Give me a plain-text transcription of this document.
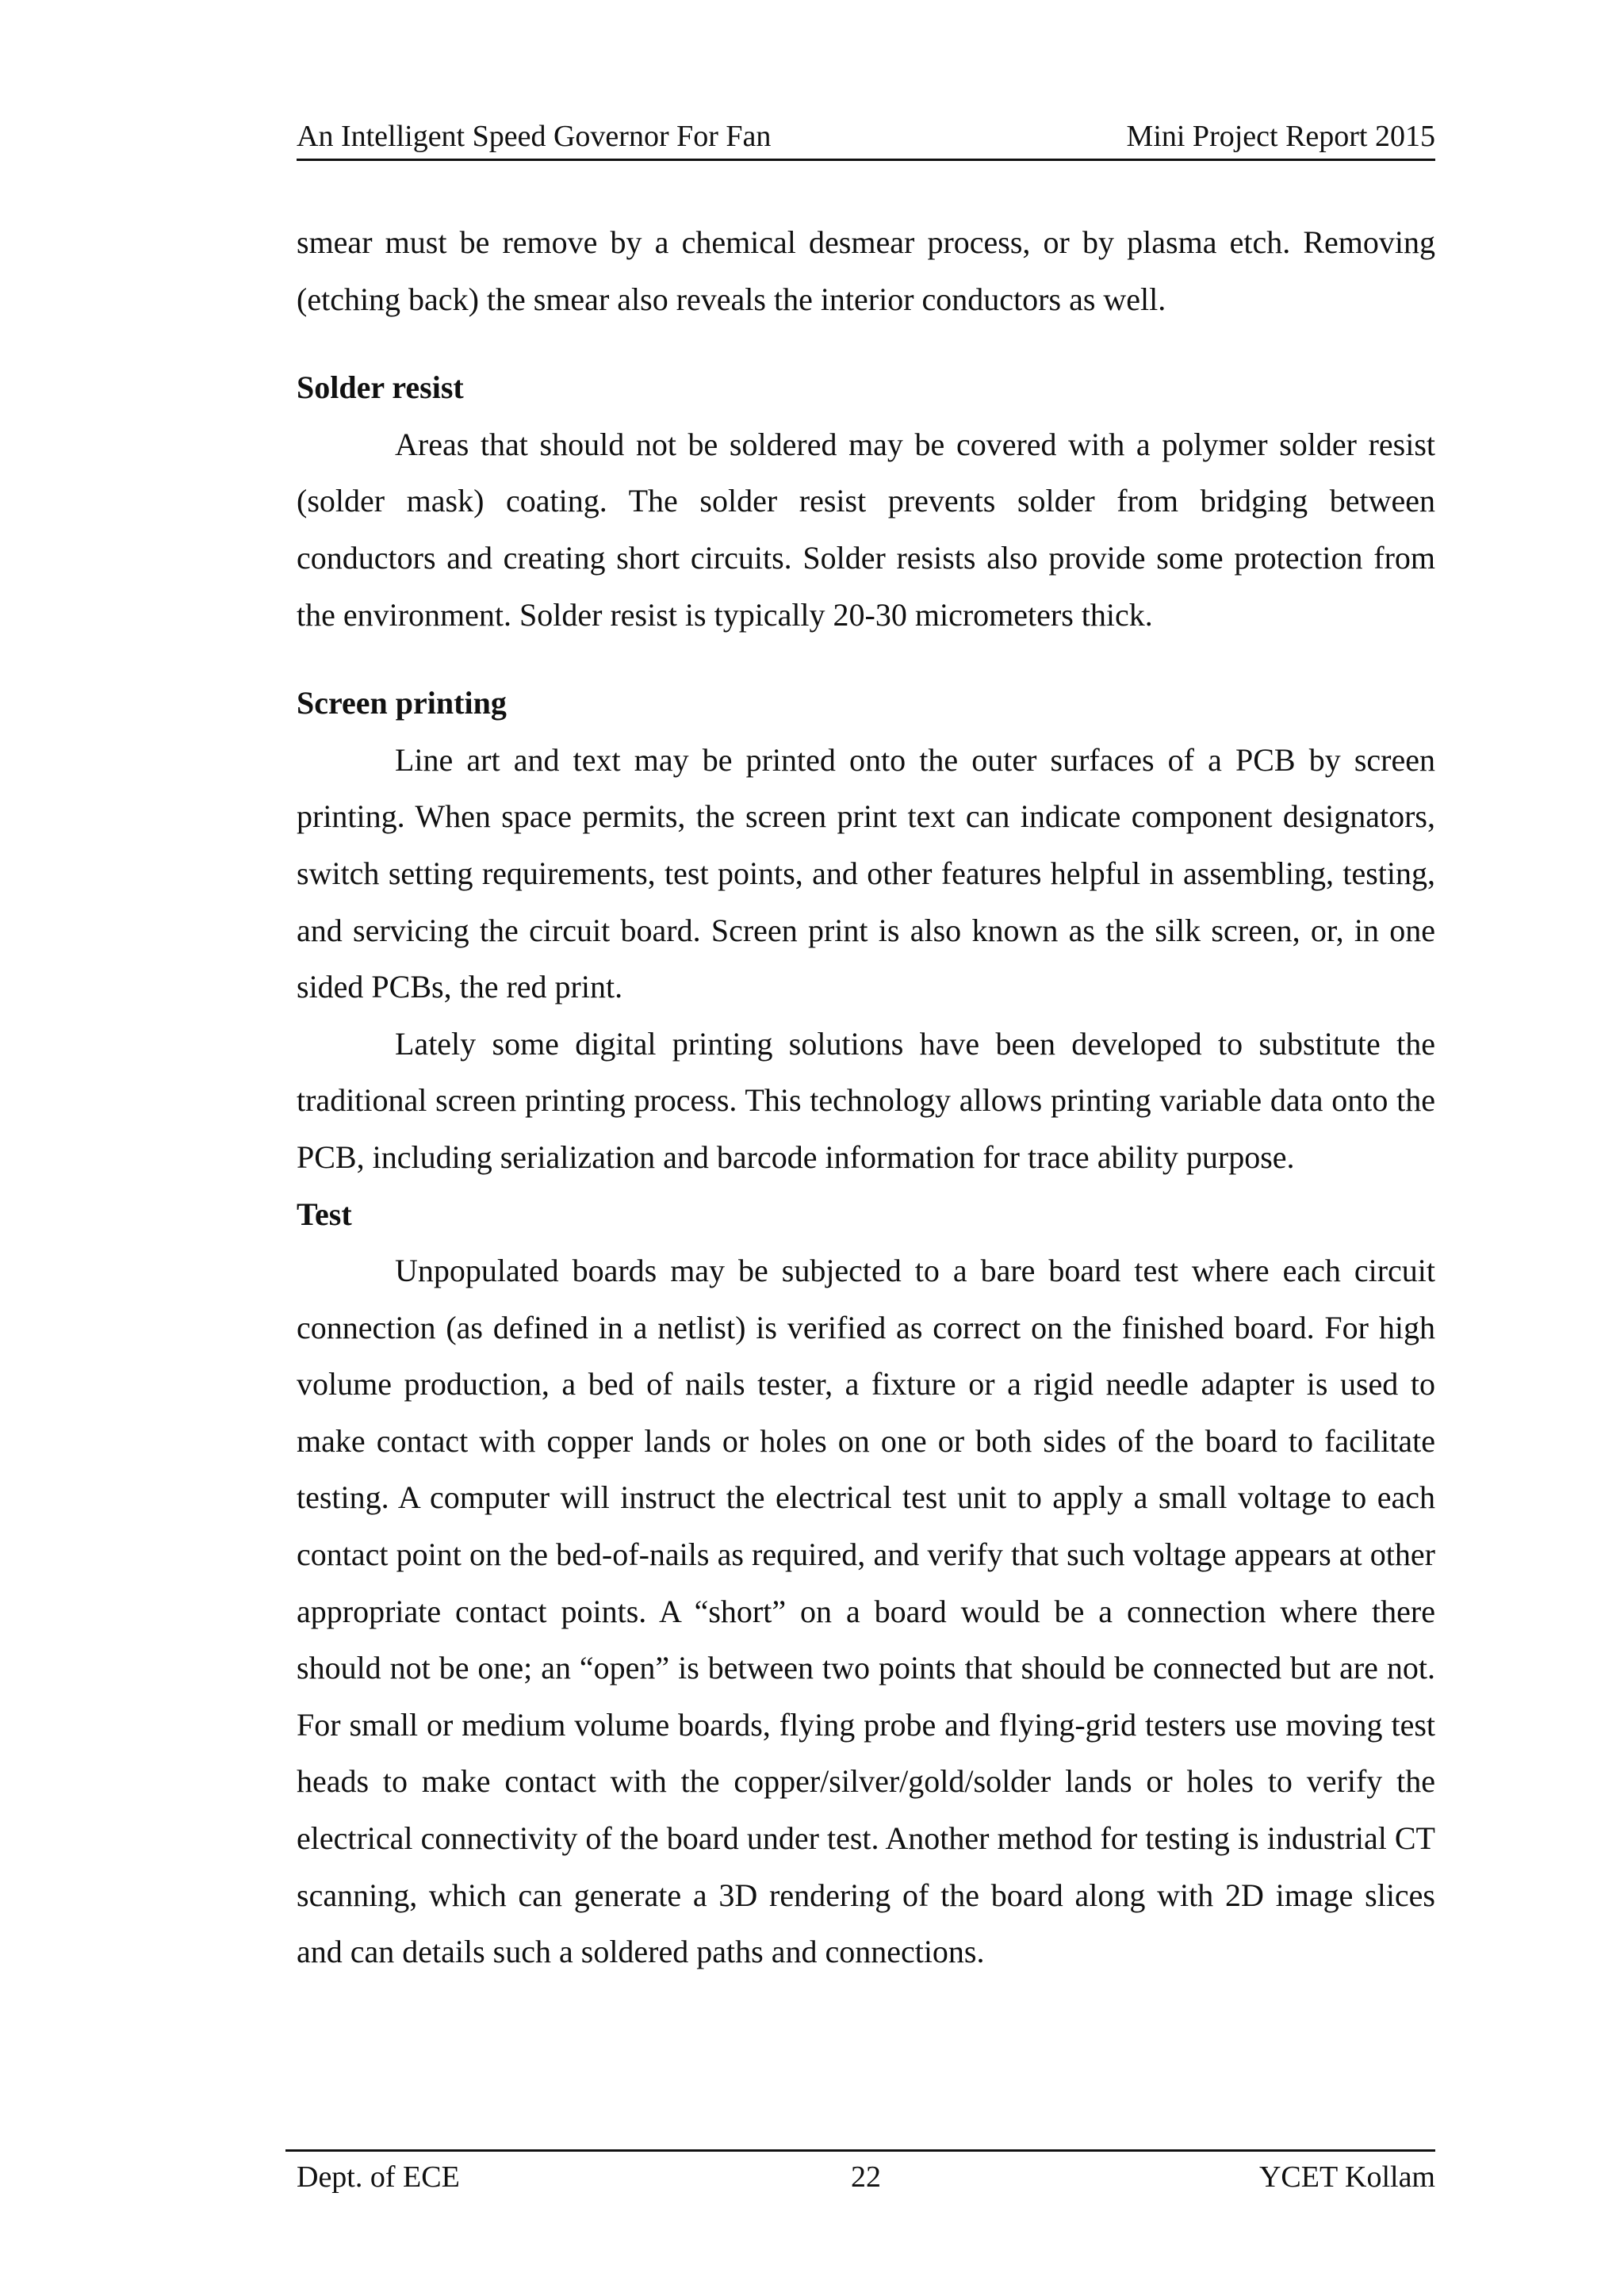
An Intelligent Speed Governor For Fan	Mini Project Report 2015

smear must be remove by a chemical desmear process, or by plasma etch. Removing (etching back) the smear also reveals the interior conductors as well.

Solder resist

Areas that should not be soldered may be covered with a polymer solder resist (solder mask) coating. The solder resist prevents solder from bridging between conductors and creating short circuits. Solder resists also provide some protection from the environment. Solder resist is typically 20-30 micrometers thick.

Screen printing

Line art and text may be printed onto the outer surfaces of a PCB by screen printing. When space permits, the screen print text can indicate component designators, switch setting requirements, test points, and other features helpful in assembling, testing, and servicing the circuit board. Screen print is also known as the silk screen, or, in one sided PCBs, the red print.

Lately some digital printing solutions have been developed to substitute the traditional screen printing process. This technology allows printing variable data onto the PCB, including serialization and barcode information for trace ability purpose.

Test

Unpopulated boards may be subjected to a bare board test where each circuit connection (as defined in a netlist) is verified as correct on the finished board. For high volume production, a bed of nails tester, a fixture or a rigid needle adapter is used to make contact with copper lands or holes on one or both sides of the board to facilitate testing. A computer will instruct the electrical test unit to apply a small voltage to each contact point on the bed-of-nails as required, and verify that such voltage appears at other appropriate contact points. A “short” on a board would be a connection where there should not be one; an “open” is between two points that should be connected but are not. For small or medium volume boards, flying probe and flying-grid testers use moving test heads to make contact with the copper/silver/gold/solder lands or holes to verify the electrical connectivity of the board under test. Another method for testing is industrial CT scanning, which can generate a 3D rendering of the board along with 2D image slices and can details such a soldered paths and connections.

Dept. of ECE	22	YCET Kollam
